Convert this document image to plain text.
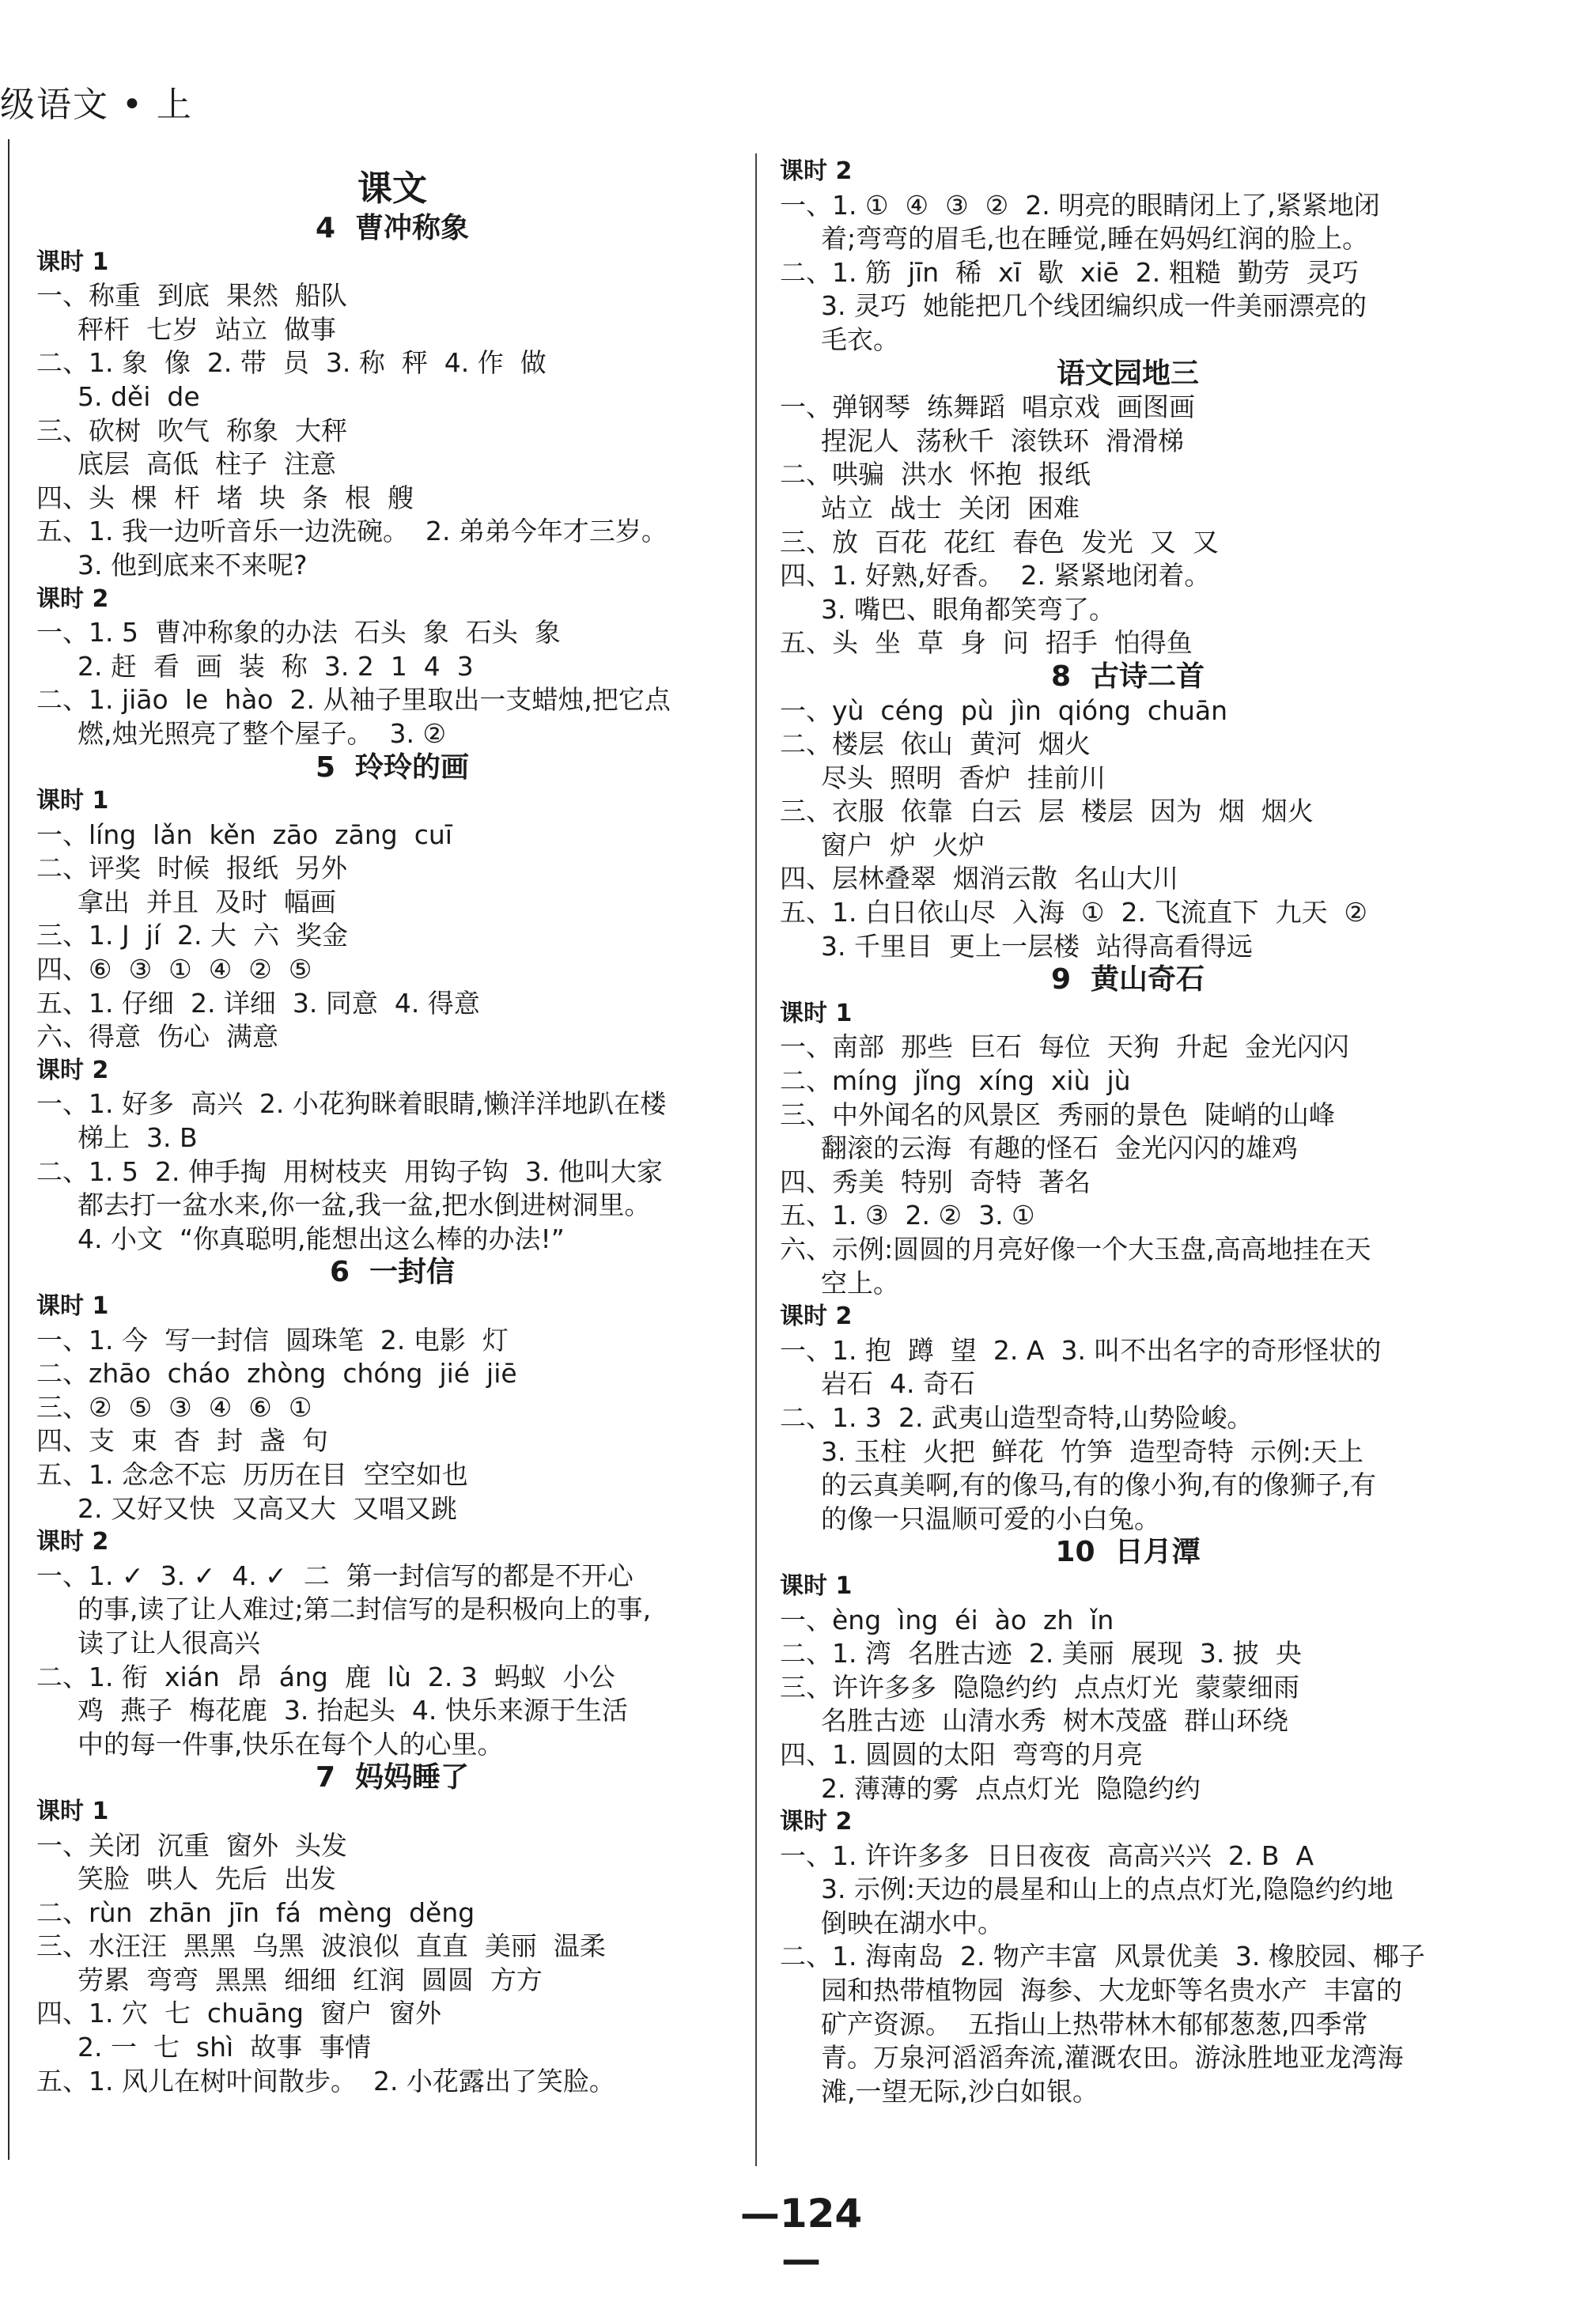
级语文 • 上
课文
4  曹冲称象
课时 1
一、称重  到底  果然  船队
秤杆  七岁  站立  做事
二、1. 象  像  2. 带  员  3. 称  秤  4. 作  做
5. děi  de
三、砍树  吹气  称象  大秤
底层  高低  柱子  注意
四、头  棵  杆  堵  块  条  根  艘
五、1. 我一边听音乐一边洗碗。  2. 弟弟今年才三岁。
3. 他到底来不来呢?
课时 2
一、1. 5  曹冲称象的办法  石头  象  石头  象
2. 赶  看  画  装  称  3. 2  1  4  3
二、1. jiāo  le  hào  2. 从袖子里取出一支蜡烛,把它点
燃,烛光照亮了整个屋子。  3. ②
5  玲玲的画
课时 1
一、líng  lǎn  kěn  zāo  zāng  cuī
二、评奖  时候  报纸  另外
拿出  并且  及时  幅画
三、1. J  jí  2. 大  六  奖金
四、⑥  ③  ①  ④  ②  ⑤
五、1. 仔细  2. 详细  3. 同意  4. 得意
六、得意  伤心  满意
课时 2
一、1. 好多  高兴  2. 小花狗眯着眼睛,懒洋洋地趴在楼
梯上  3. B
二、1. 5  2. 伸手掏  用树枝夹  用钩子钩  3. 他叫大家
都去打一盆水来,你一盆,我一盆,把水倒进树洞里。
4. 小文  “你真聪明,能想出这么棒的办法!”
6  一封信
课时 1
一、1. 今  写一封信  圆珠笔  2. 电影  灯
二、zhāo  cháo  zhòng  chóng  jié  jiē
三、②  ⑤  ③  ④  ⑥  ①
四、支  束  杳  封  盏  句
五、1. 念念不忘  历历在目  空空如也
2. 又好又快  又高又大  又唱又跳
课时 2
一、1. ✓  3. ✓  4. ✓  二  第一封信写的都是不开心
的事,读了让人难过;第二封信写的是积极向上的事,
读了让人很高兴
二、1. 衔  xián  昂  áng  鹿  lù  2. 3  蚂蚁  小公
鸡  燕子  梅花鹿  3. 抬起头  4. 快乐来源于生活
中的每一件事,快乐在每个人的心里。
7  妈妈睡了
课时 1
一、关闭  沉重  窗外  头发
笑脸  哄人  先后  出发
二、rùn  zhān  jīn  fá  mèng  děng
三、水汪汪  黑黑  乌黑  波浪似  直直  美丽  温柔
劳累  弯弯  黑黑  细细  红润  圆圆  方方
四、1. 穴  七  chuāng  窗户  窗外
2. 一  七  shì  故事  事情
五、1. 风儿在树叶间散步。  2. 小花露出了笑脸。
课时 2
一、1. ①  ④  ③  ②  2. 明亮的眼睛闭上了,紧紧地闭
着;弯弯的眉毛,也在睡觉,睡在妈妈红润的脸上。
二、1. 筋  jīn  稀  xī  歇  xiē  2. 粗糙  勤劳  灵巧
3. 灵巧  她能把几个线团编织成一件美丽漂亮的
毛衣。
语文园地三
一、弹钢琴  练舞蹈  唱京戏  画图画
捏泥人  荡秋千  滚铁环  滑滑梯
二、哄骗  洪水  怀抱  报纸
站立  战士  关闭  困难
三、放  百花  花红  春色  发光  又  又
四、1. 好熟,好香。  2. 紧紧地闭着。
3. 嘴巴、眼角都笑弯了。
五、头  坐  草  身  问  招手  怕得鱼
8  古诗二首
一、yù  céng  pù  jìn  qióng  chuān
二、楼层  依山  黄河  烟火
尽头  照明  香炉  挂前川
三、衣服  依靠  白云  层  楼层  因为  烟  烟火
窗户  炉  火炉
四、层林叠翠  烟消云散  名山大川
五、1. 白日依山尽  入海  ①  2. 飞流直下  九天  ②
3. 千里目  更上一层楼  站得高看得远
9  黄山奇石
课时 1
一、南部  那些  巨石  每位  天狗  升起  金光闪闪
二、míng  jǐng  xíng  xiù  jù
三、中外闻名的风景区  秀丽的景色  陡峭的山峰
翻滚的云海  有趣的怪石  金光闪闪的雄鸡
四、秀美  特别  奇特  著名
五、1. ③  2. ②  3. ①
六、示例:圆圆的月亮好像一个大玉盘,高高地挂在天
空上。
课时 2
一、1. 抱  蹲  望  2. A  3. 叫不出名字的奇形怪状的
岩石  4. 奇石
二、1. 3  2. 武夷山造型奇特,山势险峻。
3. 玉柱  火把  鲜花  竹笋  造型奇特  示例:天上
的云真美啊,有的像马,有的像小狗,有的像狮子,有
的像一只温顺可爱的小白兔。
10  日月潭
课时 1
一、èng  ìng  éi  ào  zh  ǐn
二、1. 湾  名胜古迹  2. 美丽  展现  3. 披  央
三、许许多多  隐隐约约  点点灯光  蒙蒙细雨
名胜古迹  山清水秀  树木茂盛  群山环绕
四、1. 圆圆的太阳  弯弯的月亮
2. 薄薄的雾  点点灯光  隐隐约约
课时 2
一、1. 许许多多  日日夜夜  高高兴兴  2. B  A
3. 示例:天边的晨星和山上的点点灯光,隐隐约约地
倒映在湖水中。
二、1. 海南岛  2. 物产丰富  风景优美  3. 橡胶园、椰子
园和热带植物园  海参、大龙虾等名贵水产  丰富的
矿产资源。  五指山上热带林木郁郁葱葱,四季常
青。万泉河滔滔奔流,灌溉农田。游泳胜地亚龙湾海
滩,一望无际,沙白如银。
—124—
